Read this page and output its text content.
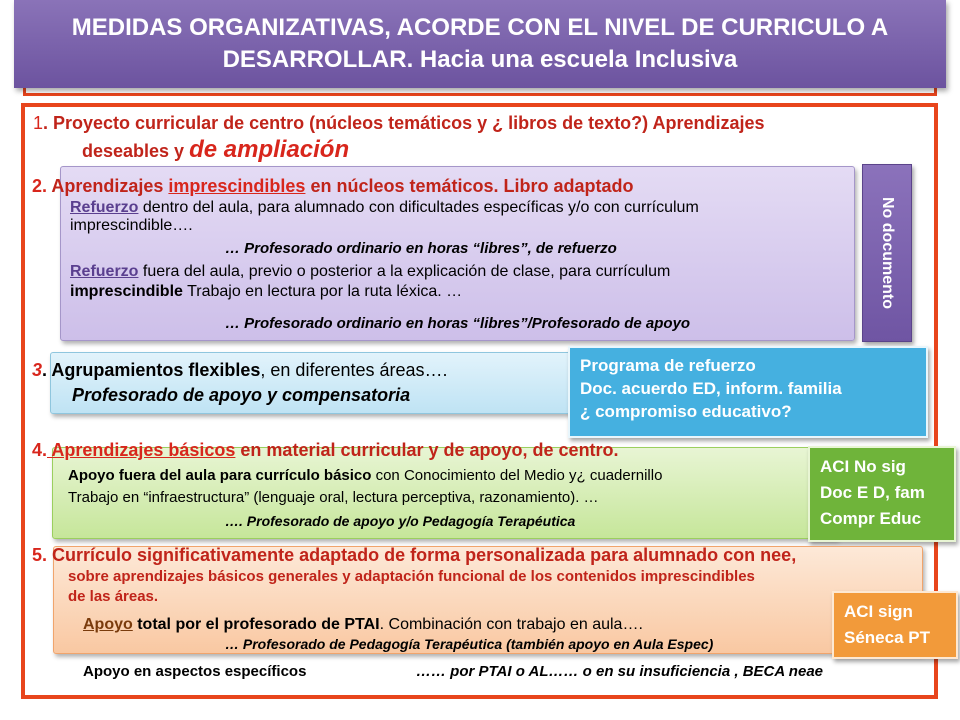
MEDIDAS ORGANIZATIVAS, ACORDE CON EL NIVEL DE CURRICULO A
DESARROLLAR. Hacia una escuela Inclusiva
1. Proyecto curricular de centro (núcleos temáticos y ¿ libros de texto?) Aprendizajes
deseables y de ampliación
2. Aprendizajes imprescindibles en núcleos temáticos. Libro adaptado
Refuerzo dentro del aula, para alumnado con dificultades específicas y/o con currículum
imprescindible….
… Profesorado ordinario en horas “libres”, de refuerzo
Refuerzo fuera del aula, previo o posterior a la explicación de clase, para currículum
imprescindible Trabajo en lectura por la ruta léxica. …
… Profesorado ordinario en horas “libres”/Profesorado de apoyo
No documento
3. Agrupamientos flexibles, en diferentes áreas….
Profesorado de apoyo y compensatoria
Programa de refuerzo
Doc. acuerdo ED, inform. familia
¿ compromiso educativo?
4. Aprendizajes básicos en material curricular y de apoyo, de centro.
Apoyo fuera del aula para currículo básico con Conocimiento del Medio y¿ cuadernillo
Trabajo en “infraestructura” (lenguaje oral, lectura perceptiva, razonamiento). …
…. Profesorado de apoyo y/o Pedagogía Terapéutica
ACI No sig
Doc E D, fam
Compr Educ
5. Currículo significativamente adaptado de forma personalizada para alumnado con nee,
sobre aprendizajes básicos generales y adaptación funcional de los contenidos imprescindibles
de las áreas.
Apoyo total por el profesorado de PTAI. Combinación con trabajo en aula….
… Profesorado de Pedagogía Terapéutica (también apoyo en Aula Espec)
ACI sign
Séneca PT
Apoyo en aspectos específicos	…… por PTAI o AL…… o en su insuficiencia , BECA neae
